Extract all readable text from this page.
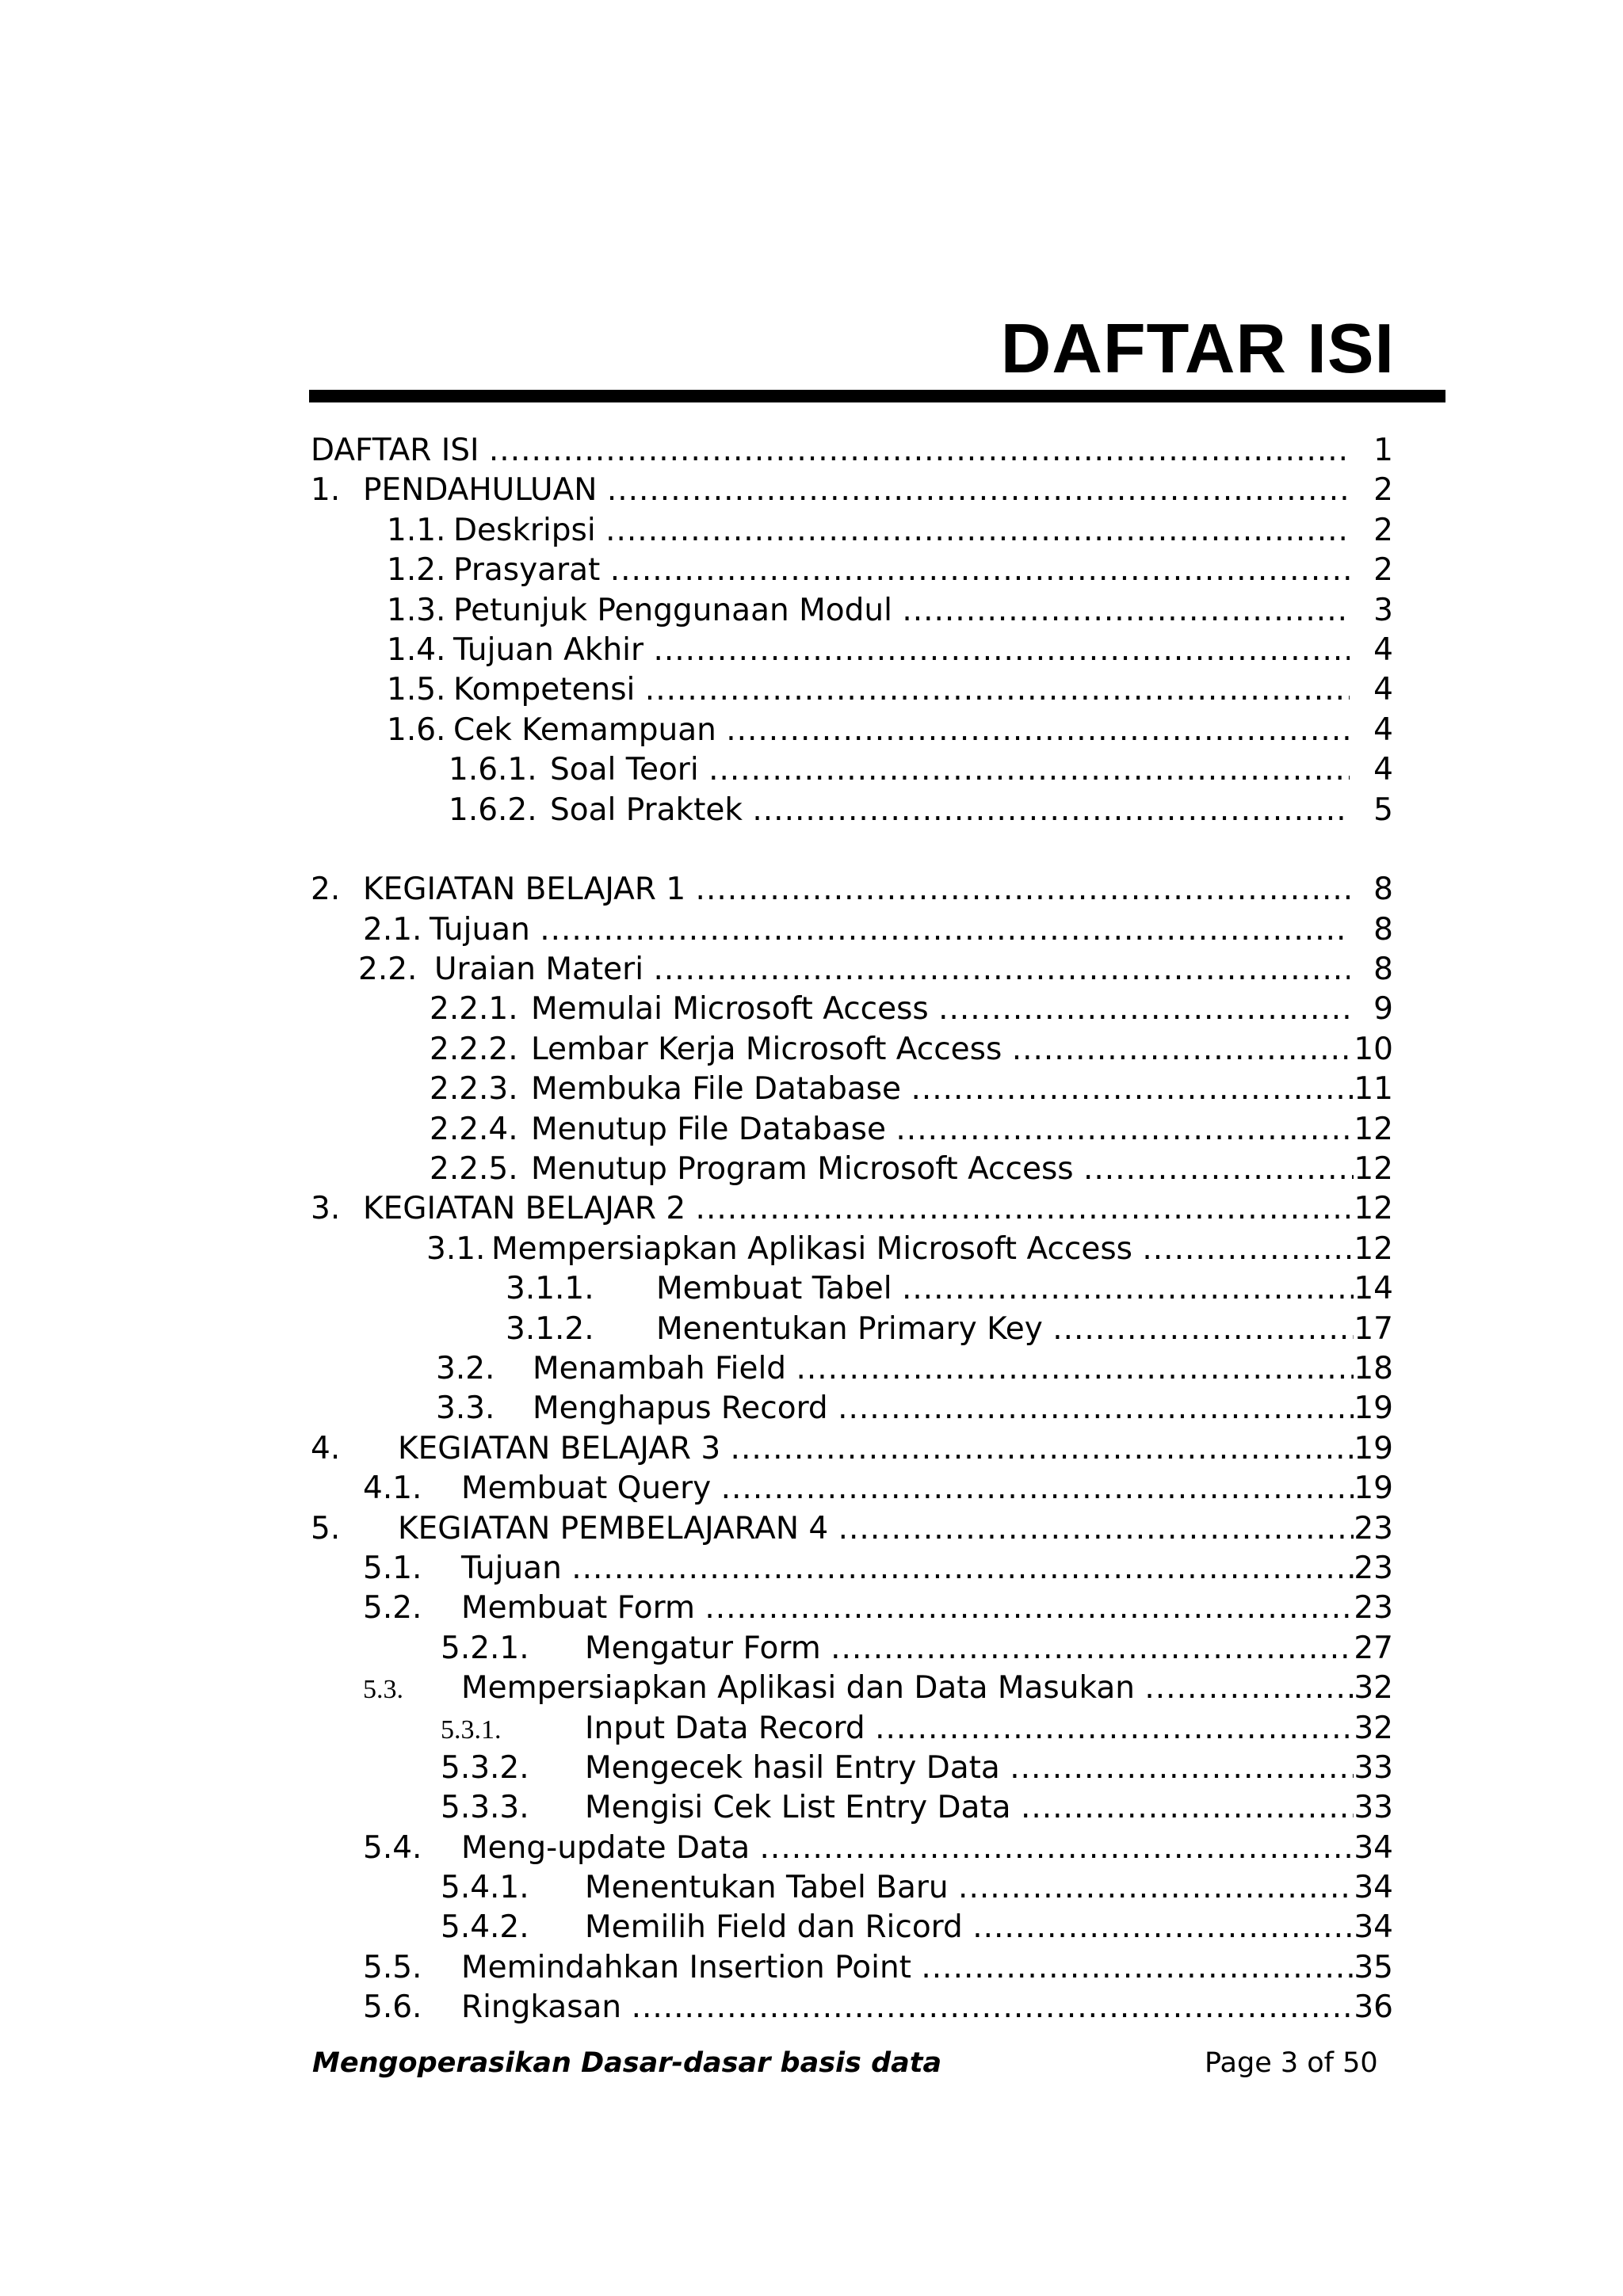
DAFTAR ISI
DAFTAR ISI .....	1
1. PENDAHULUAN .....	2
1.1. Deskripsi .....	2
1.2. Prasyarat .....	2
1.3. Petunjuk Penggunaan Modul .....	3
1.4. Tujuan Akhir .....	4
1.5. Kompetensi .....	4
1.6. Cek Kemampuan .....	4
1.6.1. Soal Teori .....	4
1.6.2. Soal Praktek .....	5
2. KEGIATAN BELAJAR 1 .....	8
2.1. Tujuan .....	8
2.2. Uraian Materi .....	8
2.2.1. Memulai Microsoft Access .....	9
2.2.2. Lembar Kerja Microsoft Access .....	10
2.2.3. Membuka File Database .....	11
2.2.4. Menutup File Database .....	12
2.2.5. Menutup Program Microsoft Access .....	12
3. KEGIATAN BELAJAR 2 .....	12
3.1. Mempersiapkan Aplikasi Microsoft Access .....	12
3.1.1. Membuat Tabel .....	14
3.1.2. Menentukan Primary Key .....	17
3.2. Menambah Field .....	18
3.3. Menghapus Record .....	19
4. KEGIATAN BELAJAR 3 .....	19
4.1. Membuat Query .....	19
5. KEGIATAN PEMBELAJARAN 4 .....	23
5.1. Tujuan .....	23
5.2. Membuat Form .....	23
5.2.1. Mengatur Form .....	27
5.3. Mempersiapkan Aplikasi dan Data Masukan .....	32
5.3.1.	Input Data Record .....	32
5.3.2. Mengecek hasil Entry Data .....	33
5.3.3. Mengisi Cek List Entry Data .....	33
5.4. Meng-update Data .....	34
5.4.1. Menentukan Tabel Baru .....	34
5.4.2. Memilih Field dan Ricord .....	34
5.5. Memindahkan Insertion Point .....	35
5.6. Ringkasan .....	36
Mengoperasikan Dasar-dasar basis data	Page 3 of 50
